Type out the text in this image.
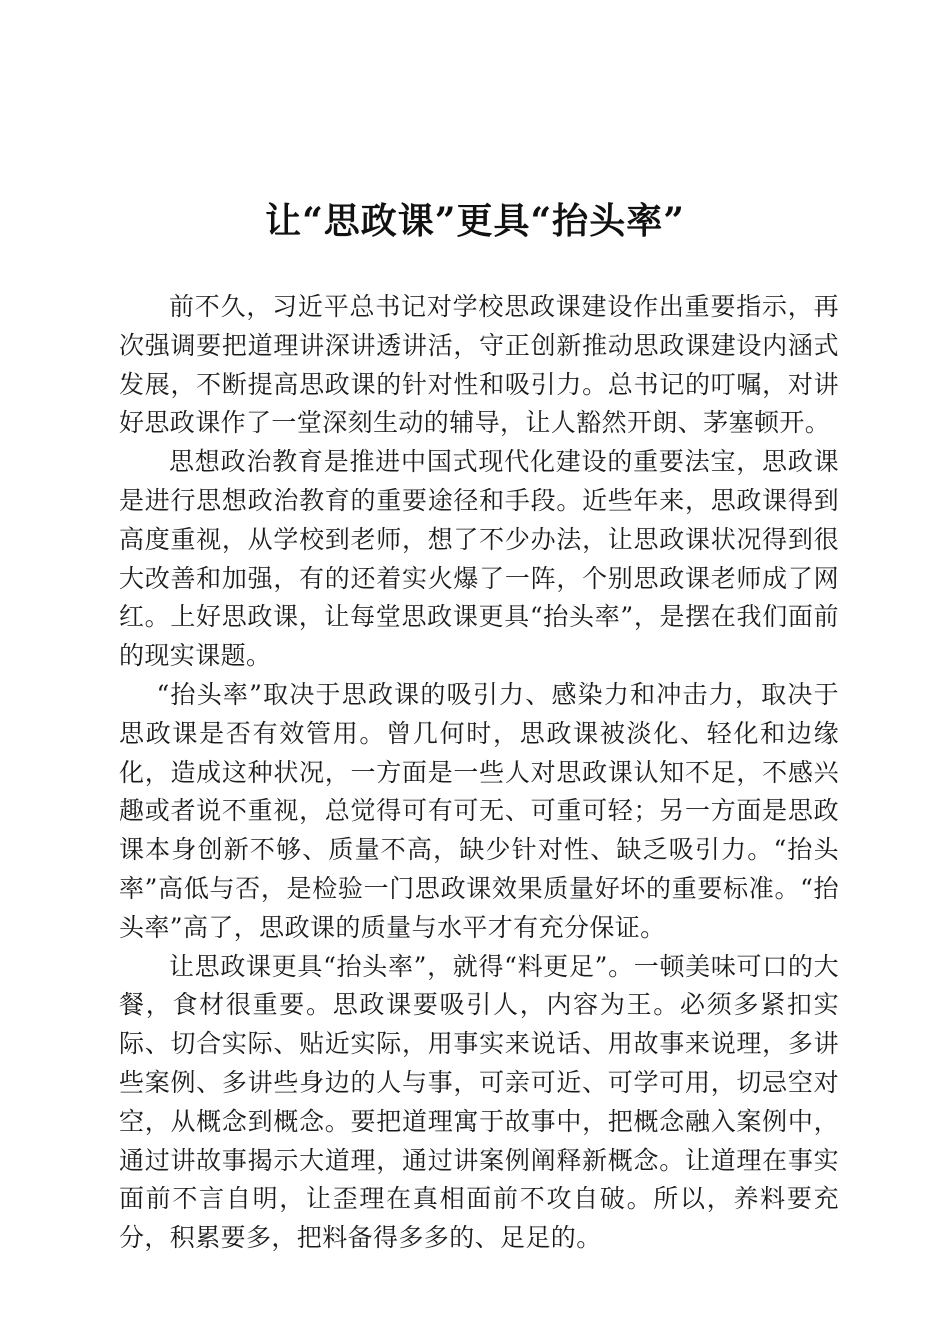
让“思政课”更具“抬头率”

前不久，习近平总书记对学校思政课建设作出重要指示，再次强调要把道理讲深讲透讲活，守正创新推动思政课建设内涵式发展，不断提高思政课的针对性和吸引力。总书记的叮嘱，对讲好思政课作了一堂深刻生动的辅导，让人豁然开朗、茅塞顿开。

思想政治教育是推进中国式现代化建设的重要法宝，思政课是进行思想政治教育的重要途径和手段。近些年来，思政课得到高度重视，从学校到老师，想了不少办法，让思政课状况得到很大改善和加强，有的还着实火爆了一阵，个别思政课老师成了网红。上好思政课，让每堂思政课更具“抬头率”，是摆在我们面前的现实课题。

“抬头率”取决于思政课的吸引力、感染力和冲击力，取决于思政课是否有效管用。曾几何时，思政课被淡化、轻化和边缘化，造成这种状况，一方面是一些人对思政课认知不足，不感兴趣或者说不重视，总觉得可有可无、可重可轻；另一方面是思政课本身创新不够、质量不高，缺少针对性、缺乏吸引力。“抬头率”高低与否，是检验一门思政课效果质量好坏的重要标准。“抬头率”高了，思政课的质量与水平才有充分保证。

让思政课更具“抬头率”，就得“料更足”。一顿美味可口的大餐，食材很重要。思政课要吸引人，内容为王。必须多紧扣实际、切合实际、贴近实际，用事实来说话、用故事来说理，多讲些案例、多讲些身边的人与事，可亲可近、可学可用，切忌空对空，从概念到概念。要把道理寓于故事中，把概念融入案例中，通过讲故事揭示大道理，通过讲案例阐释新概念。让道理在事实面前不言自明，让歪理在真相面前不攻自破。所以，养料要充分，积累要多，把料备得多多的、足足的。
